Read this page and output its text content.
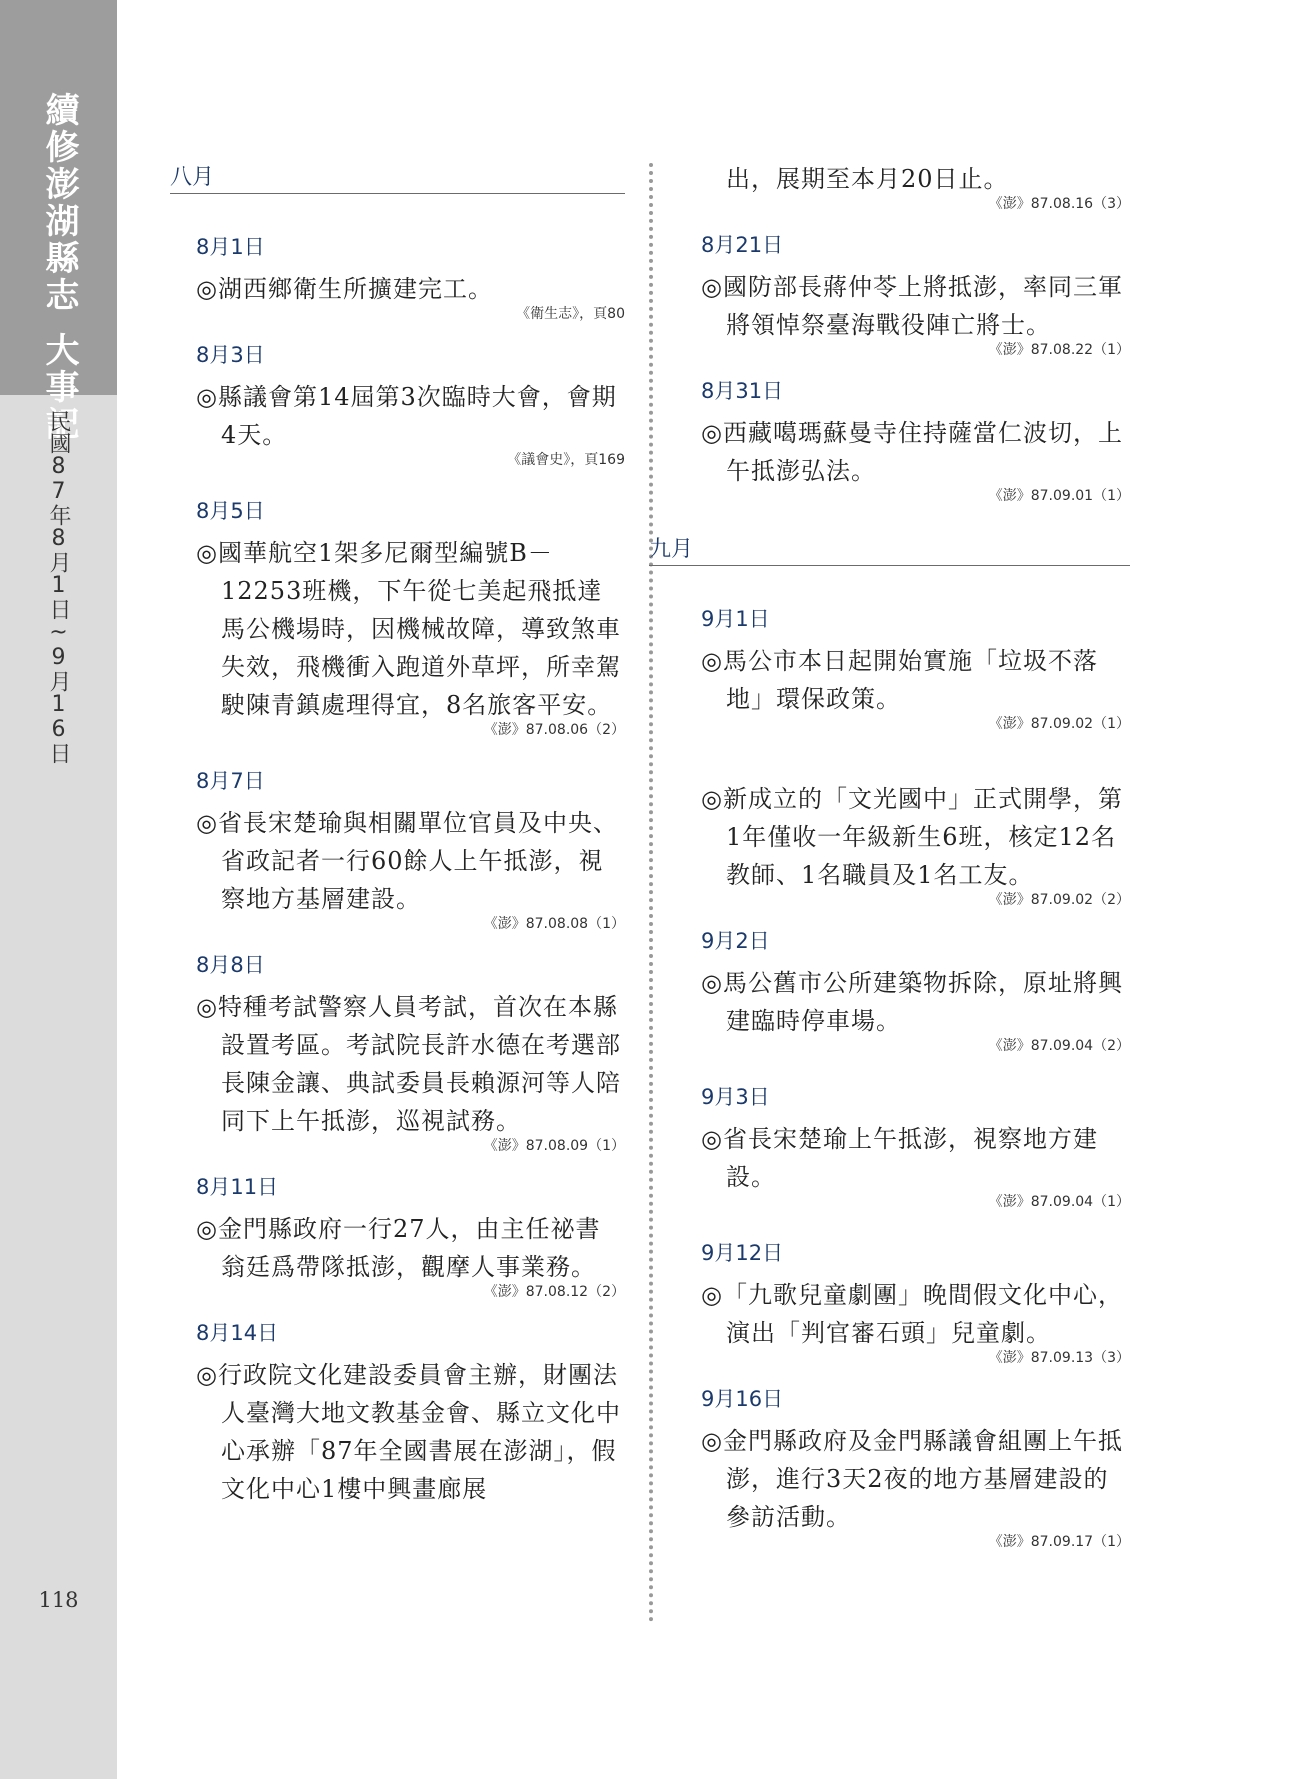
續修澎湖縣志
大事記
民國87年8月1日~9月16日
118
八月
8月1日
◎湖西鄉衛生所擴建完工。
《衛生志》，頁80
8月3日
◎縣議會第14屆第3次臨時大會，會期4天。
《議會史》，頁169
8月5日
◎國華航空1架多尼爾型編號B－12253班機，下午從七美起飛抵達馬公機場時，因機械故障，導致煞車失效，飛機衝入跑道外草坪，所幸駕駛陳青鎮處理得宜，8名旅客平安。
《澎》87.08.06（2）
8月7日
◎省長宋楚瑜與相關單位官員及中央、省政記者一行60餘人上午抵澎，視察地方基層建設。
《澎》87.08.08（1）
8月8日
◎特種考試警察人員考試，首次在本縣設置考區。考試院長許水德在考選部長陳金讓、典試委員長賴源河等人陪同下上午抵澎，巡視試務。
《澎》87.08.09（1）
8月11日
◎金門縣政府一行27人，由主任祕書翁廷爲帶隊抵澎，觀摩人事業務。
《澎》87.08.12（2）
8月14日
◎行政院文化建設委員會主辦，財團法人臺灣大地文教基金會、縣立文化中心承辦「87年全國書展在澎湖」，假文化中心1樓中興畫廊展
出，展期至本月20日止。
《澎》87.08.16（3）
8月21日
◎國防部長蔣仲苓上將抵澎，率同三軍將領悼祭臺海戰役陣亡將士。
《澎》87.08.22（1）
8月31日
◎西藏噶瑪蘇曼寺住持薩當仁波切，上午抵澎弘法。
《澎》87.09.01（1）
九月
9月1日
◎馬公市本日起開始實施「垃圾不落地」環保政策。
《澎》87.09.02（1）
◎新成立的「文光國中」正式開學，第1年僅收一年級新生6班，核定12名教師、1名職員及1名工友。
《澎》87.09.02（2）
9月2日
◎馬公舊市公所建築物拆除，原址將興建臨時停車場。
《澎》87.09.04（2）
9月3日
◎省長宋楚瑜上午抵澎，視察地方建設。
《澎》87.09.04（1）
9月12日
◎「九歌兒童劇團」晚間假文化中心，演出「判官審石頭」兒童劇。
《澎》87.09.13（3）
9月16日
◎金門縣政府及金門縣議會組團上午抵澎，進行3天2夜的地方基層建設的參訪活動。
《澎》87.09.17（1）
